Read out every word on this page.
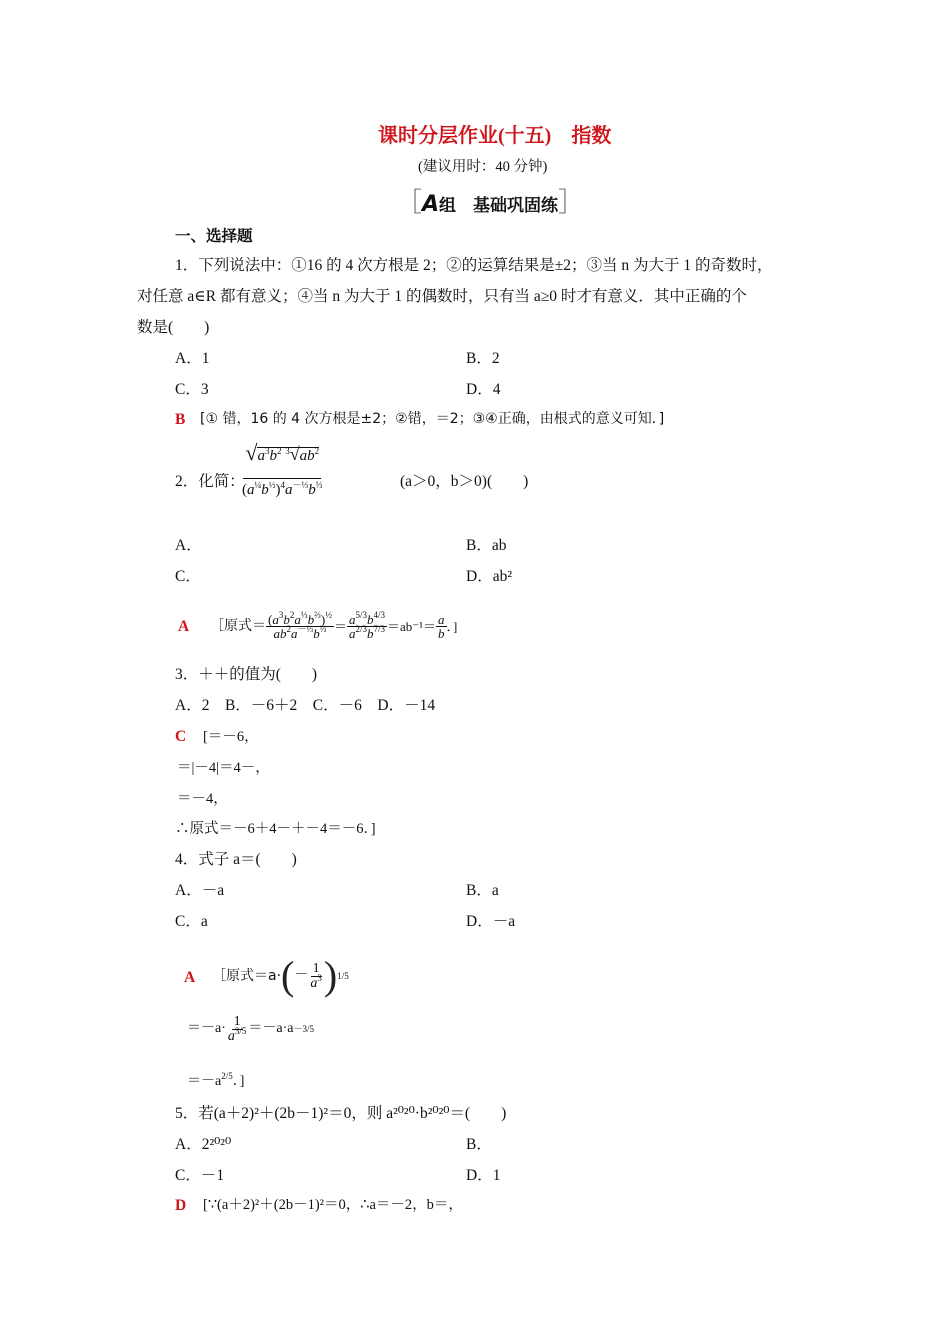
课时分层作业(十五)　指数
(建议用时：40 分钟)
［A组　基础巩固练］
一、选择题
1．下列说法中：①16 的 4 次方根是 2；②的运算结果是±2；③当 n 为大于 1 的奇数时，
对任意 a∈R 都有意义；④当 n 为大于 1 的偶数时，只有当 a≥0 时才有意义．其中正确的个
数是(　　)
A．1	B．2
C．3	D．4
B [① 错，16 的 4 次方根是±2；②错，＝2；③④正确，由根式的意义可知．]
2．化简：
$\frac{√a^3b^2 ^3√ab^2}{(a^{\frac{1}{4}}b^{\frac{1}{2}})^4a^{-\frac{1}{3}}b^{\frac{1}{3}}}$	(a＞0，b＞0)(　　)
A．	B．ab
C．	D．ab²
A ［原式＝ $\frac{(a^3b^2a^{\frac{1}{3}}b^{\frac{2}{3}})^{\frac{1}{2}}}{ab^2a^{-\frac{1}{3}}b^{\frac{1}{3}}} = \frac{a^{5/3}b^{4/3}}{a^{2/3}b^{7/3}} =ab^{-1}= \frac{a}{b}$ ．]
3．＋＋的值为(　　)
A．2　B．－6＋2　C．－6　D．－14
C [＝－6，
＝|－4|＝4－，
＝－4，
∴原式＝－6＋4－＋－4＝－6．]
4．式子 a＝(　　)
A．－a	B．a
C．a	D．－a
A ［原式＝a· ( － $\frac{1}{a^3}$ ) 1/5
$=-a\cdot \frac{1}{a^{3/5}} =-a\cdot a -3/5$
$=-a^{2/5}$．]
5．若(a＋2)²＋(2b－1)²＝0，则 a²⁰²⁰·b²⁰²⁰＝(　　)
A．2²⁰²⁰	B．
C．－1	D．1
D [∵(a＋2)²＋(2b－1)²＝0，∴a＝－2，b＝，
